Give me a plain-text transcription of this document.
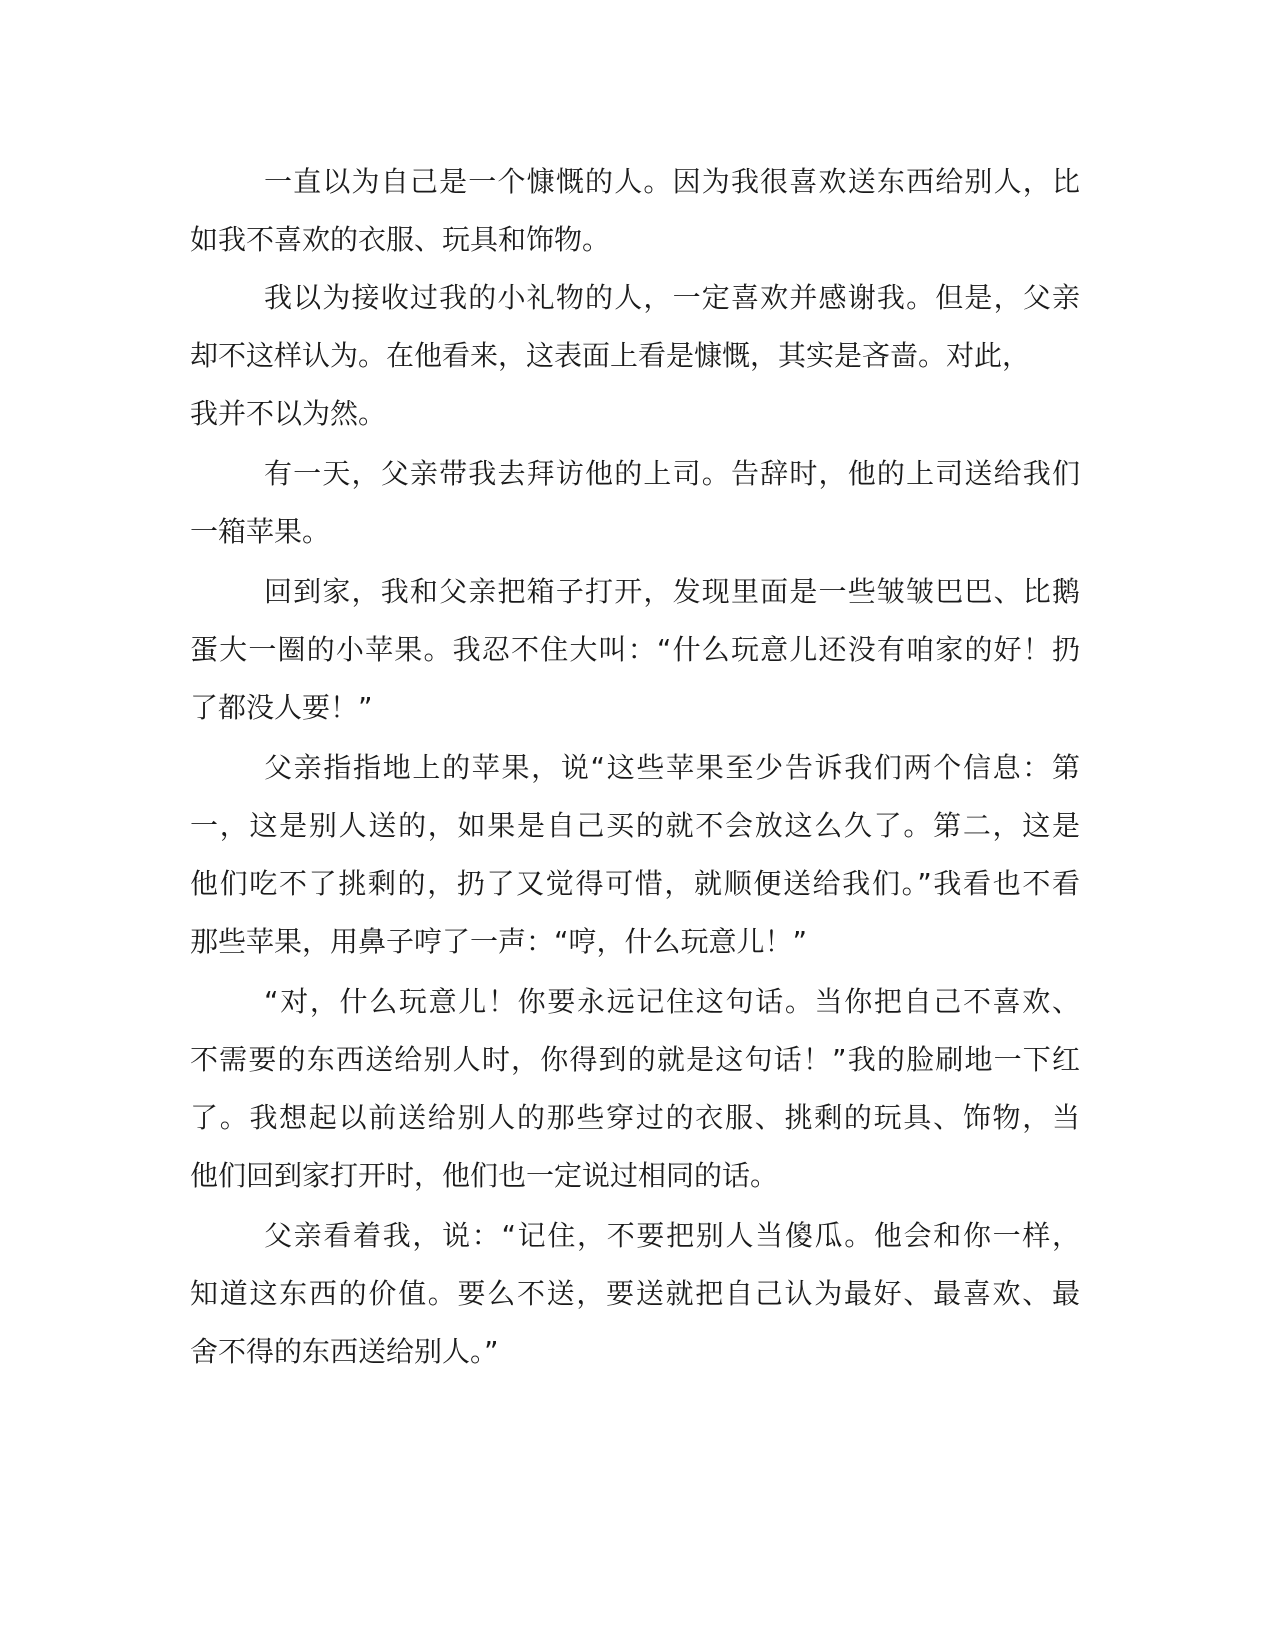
一直以为自己是一个慷慨的人。因为我很喜欢送东西给别人，比
如我不喜欢的衣服、玩具和饰物。
我以为接收过我的小礼物的人，一定喜欢并感谢我。但是，父亲
却不这样认为。在他看来，这表面上看是慷慨，其实是吝啬。对此，
我并不以为然。
有一天，父亲带我去拜访他的上司。告辞时，他的上司送给我们
一箱苹果。
回到家，我和父亲把箱子打开，发现里面是一些皱皱巴巴、比鹅
蛋大一圈的小苹果。我忍不住大叫：“什么玩意儿还没有咱家的好！扔
了都没人要！”
父亲指指地上的苹果，说“这些苹果至少告诉我们两个信息：第
一，这是别人送的，如果是自己买的就不会放这么久了。第二，这是
他们吃不了挑剩的，扔了又觉得可惜，就顺便送给我们。”我看也不看
那些苹果，用鼻子哼了一声：“哼，什么玩意儿！”
“对，什么玩意儿！你要永远记住这句话。当你把自己不喜欢、
不需要的东西送给别人时，你得到的就是这句话！”我的脸刷地一下红
了。我想起以前送给别人的那些穿过的衣服、挑剩的玩具、饰物，当
他们回到家打开时，他们也一定说过相同的话。
父亲看着我，说：“记住，不要把别人当傻瓜。他会和你一样，
知道这东西的价值。要么不送，要送就把自己认为最好、最喜欢、最
舍不得的东西送给别人。”
